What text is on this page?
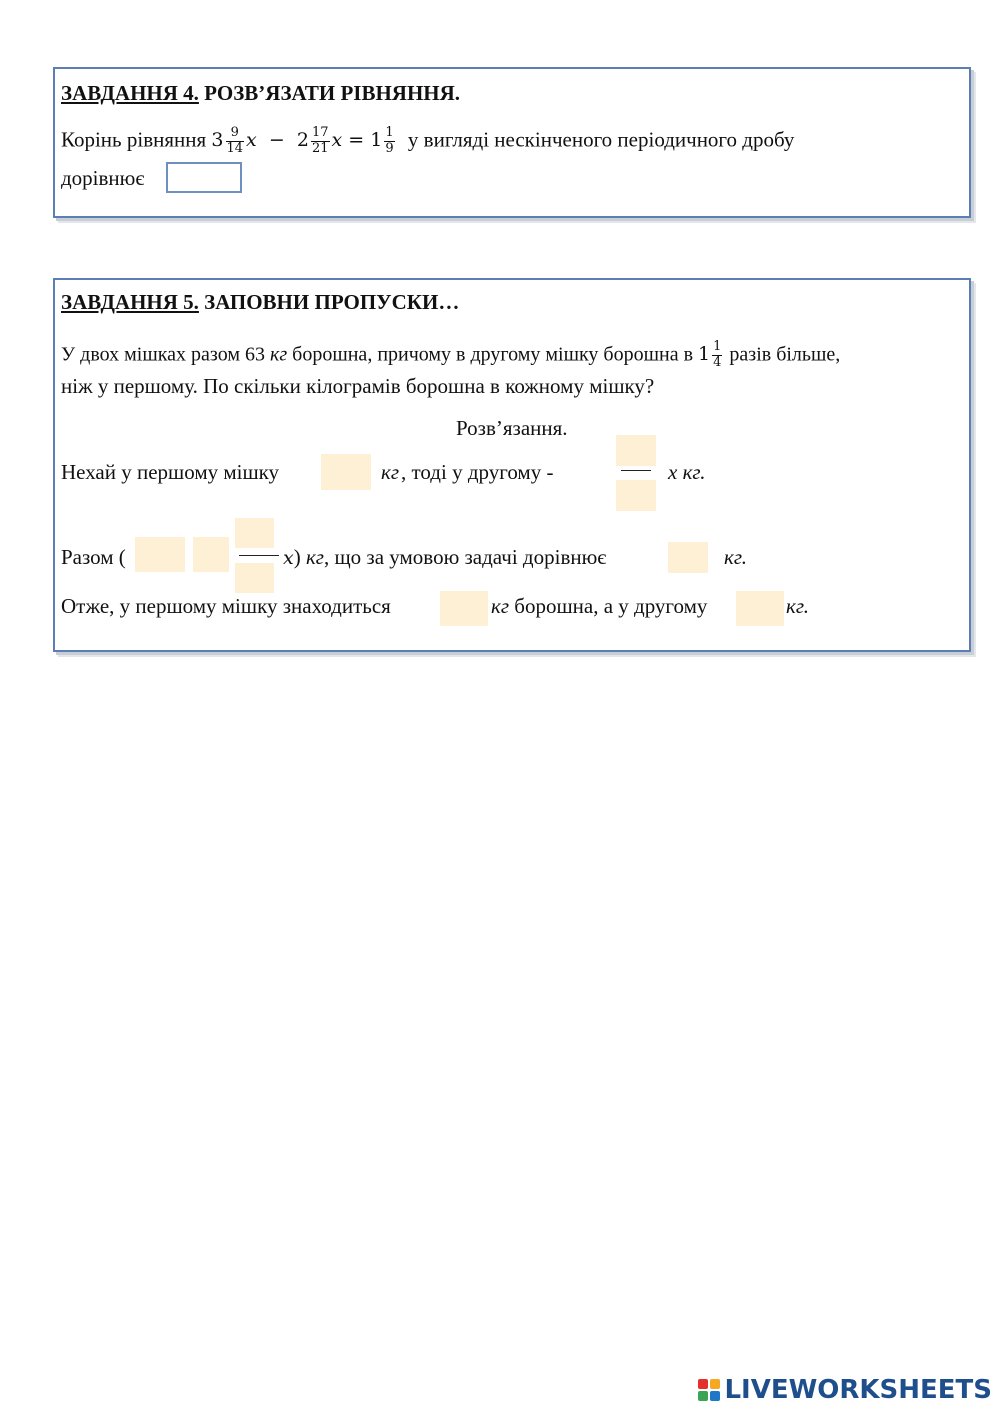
ЗАВДАННЯ 4. РОЗВ’ЯЗАТИ РІВНЯННЯ.
Корінь рівняння $3 \frac{9}{14}$ $x - 2 \frac{17}{21}$ $x = 1 \frac{1}{9}$ у вигляді нескінченого періодичного дробу
дорівнює
ЗАВДАННЯ 5. ЗАПОВНИ ПРОПУСКИ…
У двох мішках разом 63 кг борошна, причому в другому мішку борошна в $1 \frac{1}{4}$ разів більше,
ніж у першому. По скільки кілограмів борошна в кожному мішку?
Розв’язання.
Нехай у першому мішку	кг , тоді у другому -	x кг.
Разом (	x) кг, що за умовою задачі дорівнює	кг.
Отже, у першому мішку знаходиться	кг борошна, а у другому	кг.
LIVEWORKSHEETS
